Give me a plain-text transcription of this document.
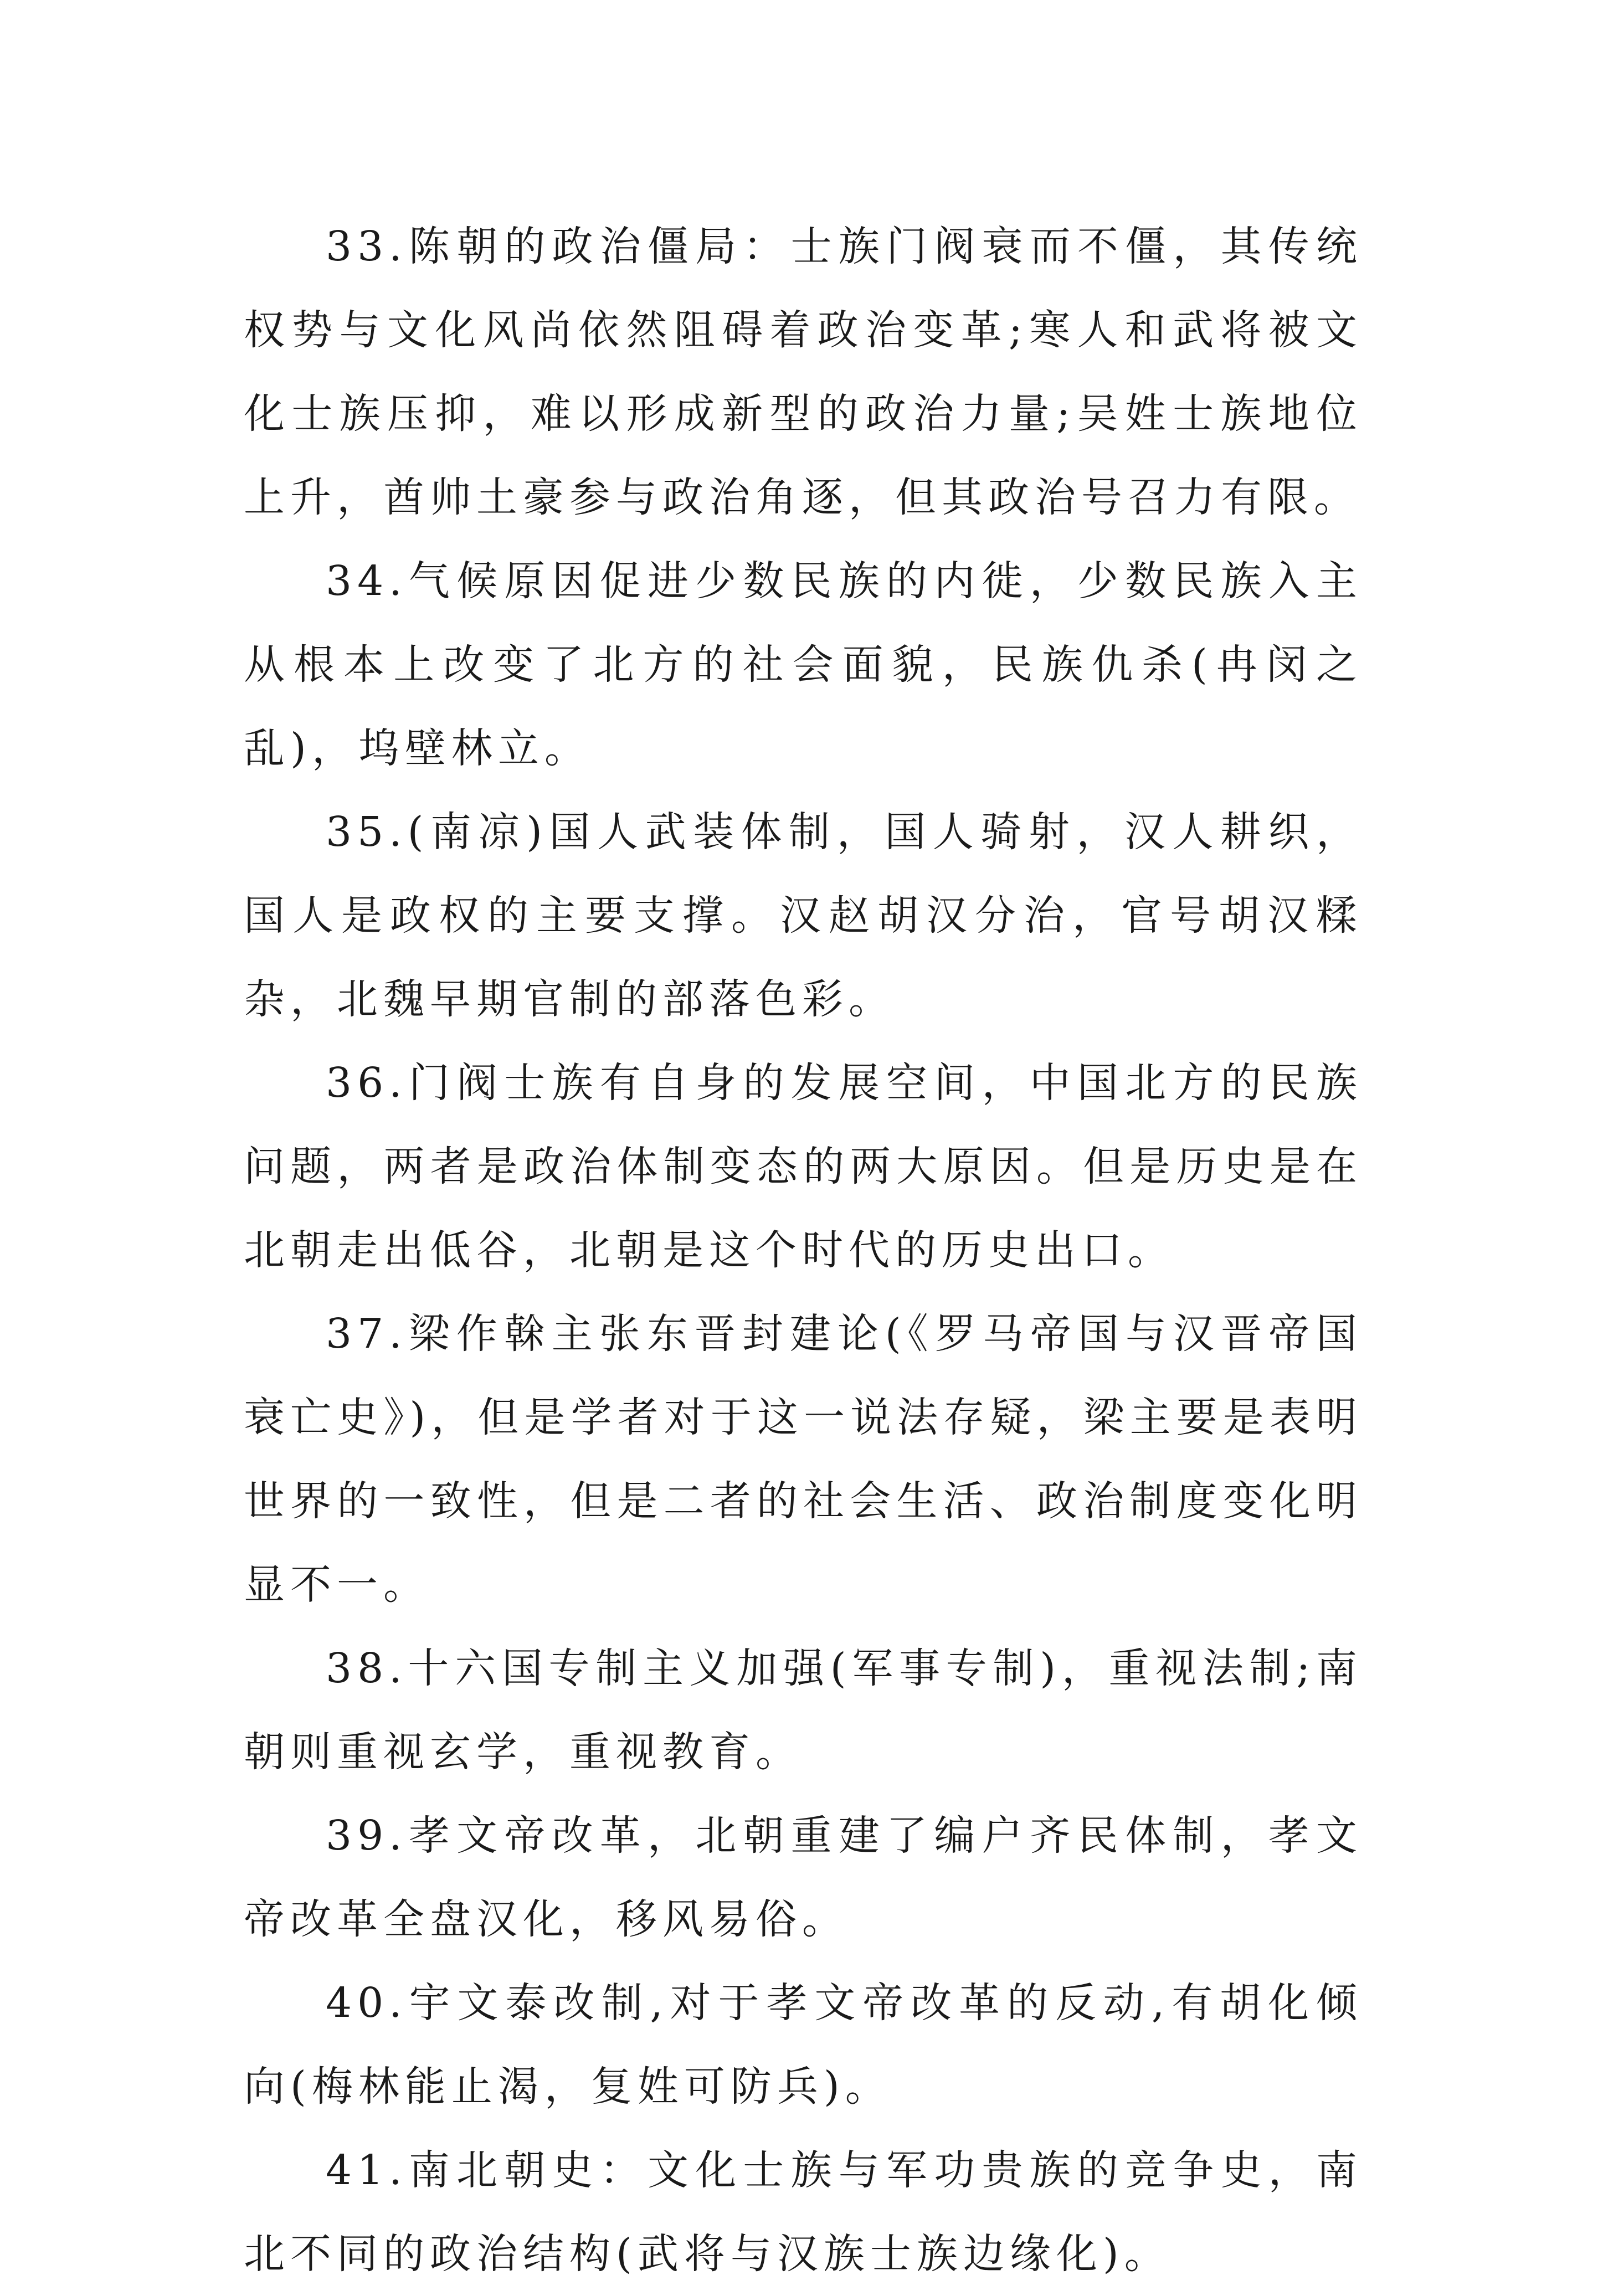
33.陈朝的政治僵局：士族门阀衰而不僵，其传统权势与文化风尚依然阻碍着政治变革;寒人和武将被文化士族压抑，难以形成新型的政治力量;吴姓士族地位上升，酋帅土豪参与政治角逐，但其政治号召力有限。

34.气候原因促进少数民族的内徙，少数民族入主从根本上改变了北方的社会面貌，民族仇杀(冉闵之乱)，坞壁林立。

35.(南凉)国人武装体制，国人骑射，汉人耕织，国人是政权的主要支撑。汉赵胡汉分治，官号胡汉糅杂，北魏早期官制的部落色彩。

36.门阀士族有自身的发展空间，中国北方的民族问题，两者是政治体制变态的两大原因。但是历史是在北朝走出低谷，北朝是这个时代的历史出口。

37.梁作榦主张东晋封建论(《罗马帝国与汉晋帝国衰亡史》)，但是学者对于这一说法存疑，梁主要是表明世界的一致性，但是二者的社会生活、政治制度变化明显不一。

38.十六国专制主义加强(军事专制)，重视法制;南朝则重视玄学，重视教育。

39.孝文帝改革，北朝重建了编户齐民体制，孝文帝改革全盘汉化，移风易俗。

40.宇文泰改制,对于孝文帝改革的反动,有胡化倾向(梅林能止渴，复姓可防兵)。

41.南北朝史：文化士族与军功贵族的竞争史，南北不同的政治结构(武将与汉族士族边缘化)。
